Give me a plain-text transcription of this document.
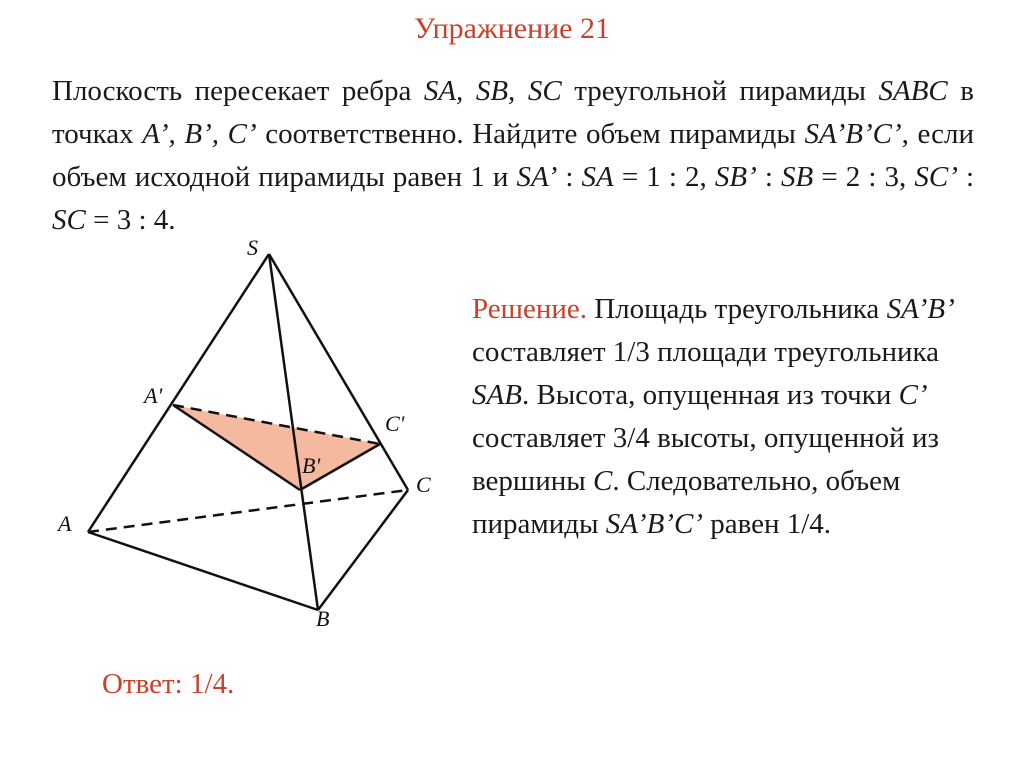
Упражнение 21
Плоскость пересекает ребра SA, SB, SC треугольной пирамиды SABC в точках A’, B’, C’ соответственно. Найдите объем пирамиды SA’B’C’, если объем исходной пирамиды равен 1 и SA’ : SA = 1 : 2, SB’ : SB = 2 : 3, SC’ : SC = 3 : 4.
S
A'
C'
B'
C
A
B
Решение. Площадь треугольника SA’B’ составляет 1/3 площади треугольника SAB. Высота, опущенная из точки C’ составляет 3/4 высоты, опущенной из вершины C. Следовательно, объем пирамиды SA’B’C’ равен 1/4.
Ответ: 1/4.
